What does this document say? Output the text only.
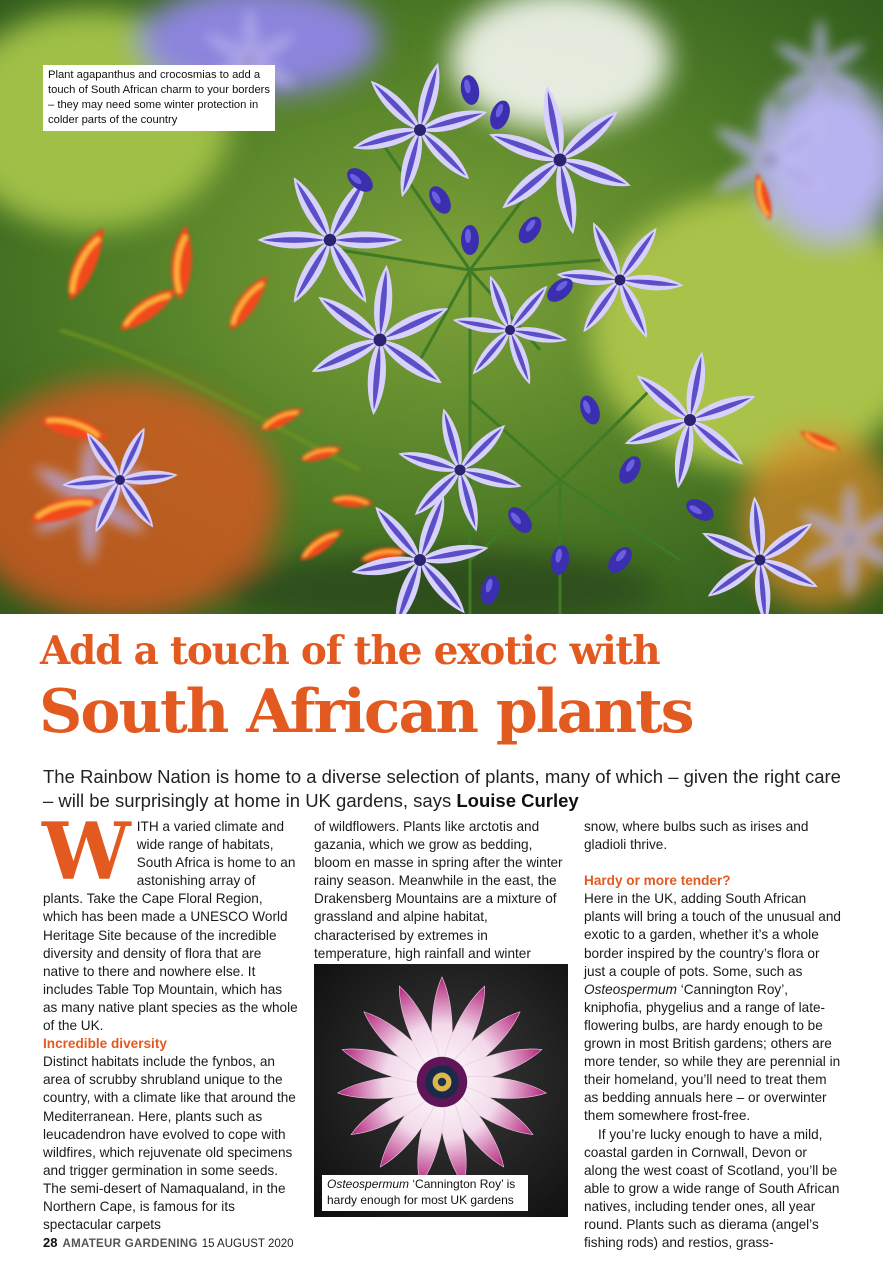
Plant agapanthus and crocosmias to add a touch of South African charm to your borders – they may need some winter protection in colder parts of the country
Add a touch of the exotic with
South African plants

The Rainbow Nation is home to a diverse selection of plants, many of which – given the right care – will be surprisingly at home in UK gardens, says Louise Curley

WITH a varied climate and wide range of habitats, South Africa is home to an astonishing array of plants. Take the Cape Floral Region, which has been made a UNESCO World Heritage Site because of the incredible diversity and density of flora that are native to there and nowhere else. It includes Table Top Mountain, which has as many native plant species as the whole of the UK.

Incredible diversity

Distinct habitats include the fynbos, an area of scrubby shrubland unique to the country, with a climate like that around the Mediterranean. Here, plants such as leucadendron have evolved to cope with wildfires, which rejuvenate old specimens and trigger germination in some seeds. The semi-desert of Namaqualand, in the Northern Cape, is famous for its spectacular carpets

of wildflowers. Plants like arctotis and gazania, which we grow as bedding, bloom en masse in spring after the winter rainy season. Meanwhile in the east, the Drakensberg Mountains are a mixture of grassland and alpine habitat, characterised by extremes in temperature, high rainfall and winter

Osteospermum ‘Cannington Roy’ is hardy enough for most UK gardens

snow, where bulbs such as irises and gladioli thrive.

Hardy or more tender?

Here in the UK, adding South African plants will bring a touch of the unusual and exotic to a garden, whether it’s a whole border inspired by the country’s flora or just a couple of pots. Some, such as Osteospermum ‘Cannington Roy’, kniphofia, phygelius and a range of late-flowering bulbs, are hardy enough to be grown in most British gardens; others are more tender, so while they are perennial in their homeland, you’ll need to treat them as bedding annuals here – or overwinter them somewhere frost-free.

If you’re lucky enough to have a mild, coastal garden in Cornwall, Devon or along the west coast of Scotland, you’ll be able to grow a wide range of South African natives, including tender ones, all year round. Plants such as dierama (angel’s fishing rods) and restios, grass-

28 AMATEUR GARDENING 15 AUGUST 2020
